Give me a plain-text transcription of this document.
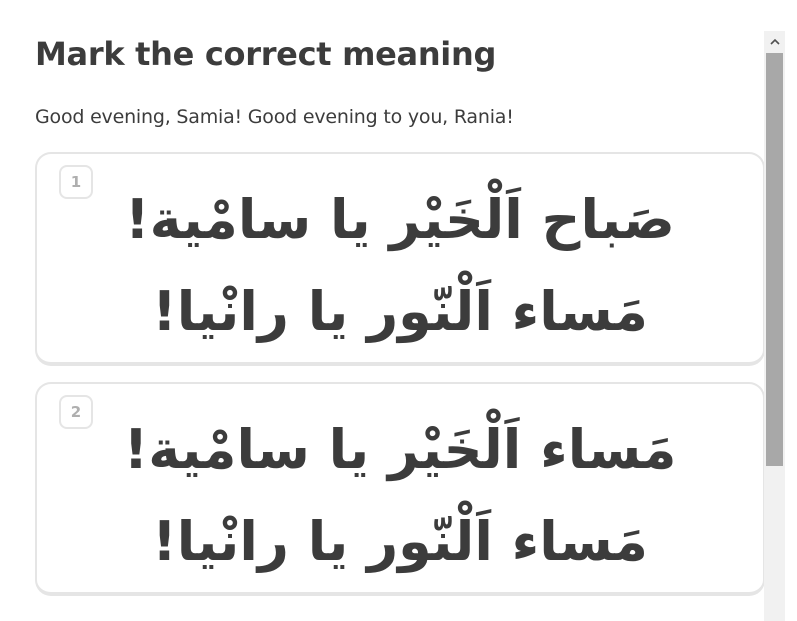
Mark the correct meaning
Good evening, Samia! Good evening to you, Rania!
1
صَباح اَلْخَيْر يا سامْية!
مَساء اَلْنّور يا رانْيا!
2
مَساء اَلْخَيْر يا سامْية!
مَساء اَلْنّور يا رانْيا!
